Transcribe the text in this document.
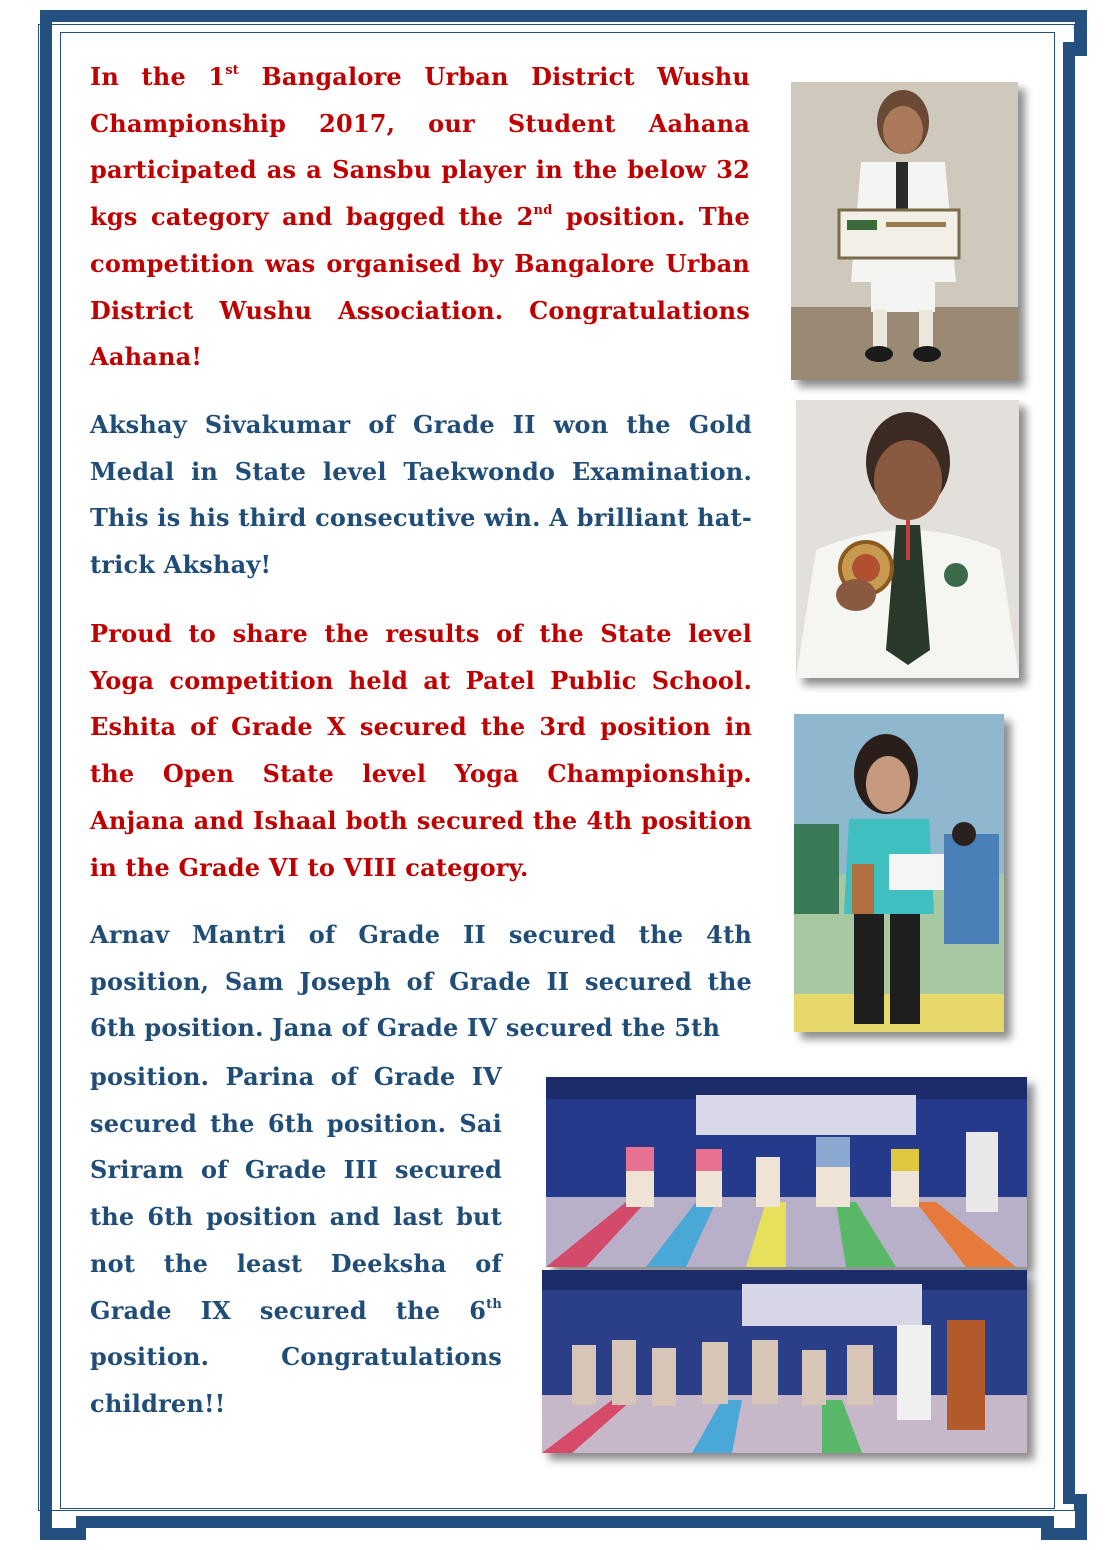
In the 1st Bangalore Urban District Wushu Championship 2017, our Student Aahana participated as a Sansbu player in the below 32 kgs category and bagged the 2nd position. The competition was organised by Bangalore Urban District Wushu Association. Congratulations Aahana!

Akshay Sivakumar of Grade II won the Gold Medal in State level Taekwondo Examination. This is his third consecutive win. A brilliant hat-trick Akshay!

Proud to share the results of the State level Yoga competition held at Patel Public School. Eshita of Grade X secured the 3rd position in the Open State level Yoga Championship. Anjana and Ishaal both secured the 4th position in the Grade VI to VIII category.

Arnav Mantri of Grade II secured the 4th position, Sam Joseph of Grade II secured the 6th position. Jana of Grade IV secured the 5th

position. Parina of Grade IV secured the 6th position. Sai Sriram of Grade III secured the 6th position and last but not the least Deeksha of Grade IX secured the 6th position. Congratulations children!!
